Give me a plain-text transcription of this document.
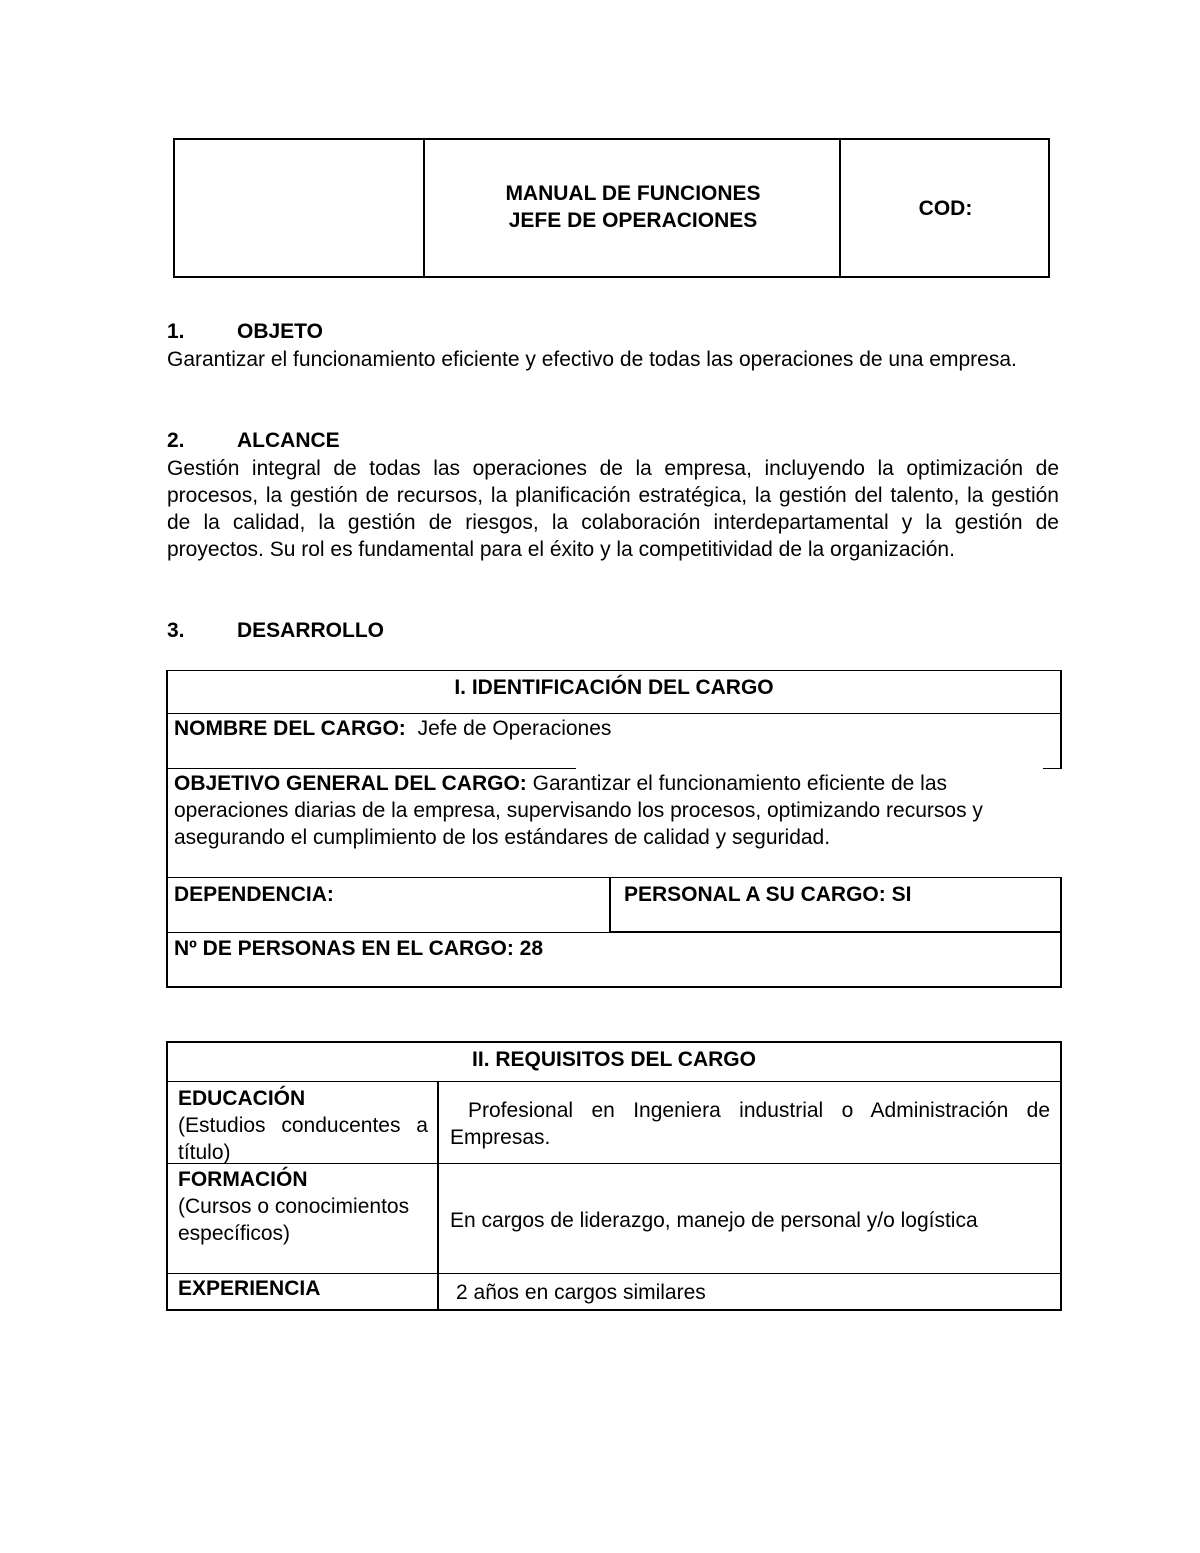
MANUAL DE FUNCIONES
JEFE DE OPERACIONES
COD:
1. OBJETO
Garantizar el funcionamiento eficiente y efectivo de todas las operaciones de una empresa.
2. ALCANCE
Gestión integral de todas las operaciones de la empresa, incluyendo la optimización de procesos, la gestión de recursos, la planificación estratégica, la gestión del talento, la gestión de la calidad, la gestión de riesgos, la colaboración interdepartamental y la gestión de proyectos. Su rol es fundamental para el éxito y la competitividad de la organización.
3. DESARROLLO
I. IDENTIFICACIÓN DEL CARGO
NOMBRE DEL CARGO: Jefe de Operaciones
OBJETIVO GENERAL DEL CARGO: Garantizar el funcionamiento eficiente de las operaciones diarias de la empresa, supervisando los procesos, optimizando recursos y asegurando el cumplimiento de los estándares de calidad y seguridad.
DEPENDENCIA:	PERSONAL A SU CARGO: SI
Nº DE PERSONAS EN EL CARGO: 28
II. REQUISITOS DEL CARGO
EDUCACIÓN
(Estudios conducentes a título)
Profesional en Ingeniera industrial o Administración de Empresas.
FORMACIÓN
(Cursos o conocimientos específicos)
En cargos de liderazgo, manejo de personal y/o logística
EXPERIENCIA	2 años en cargos similares
